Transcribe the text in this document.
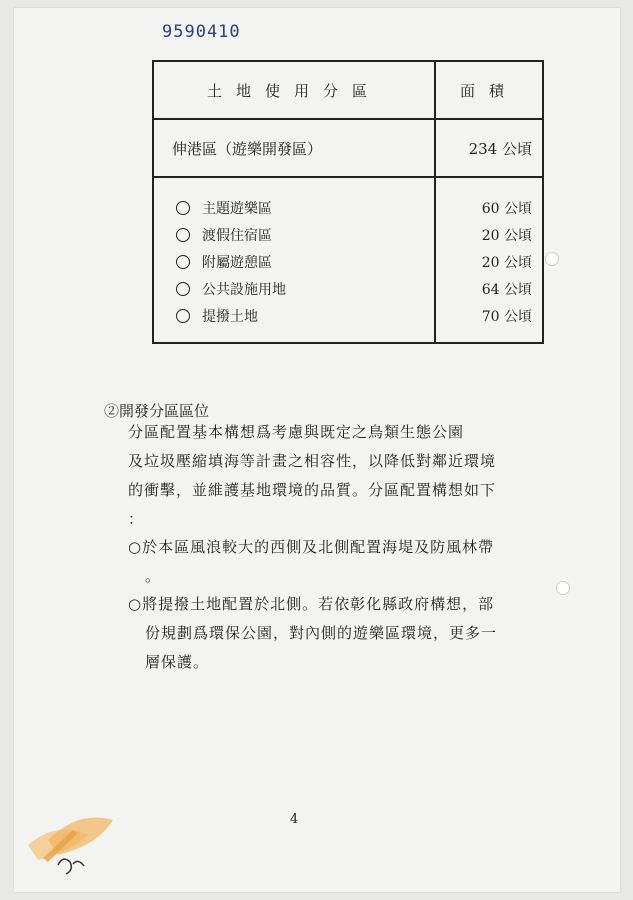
9590410
土地使用分區	面積
伸港區（遊樂開發區）	234 公頃
主題遊樂區	60 公頃
渡假住宿區	20 公頃
附屬遊憩區	20 公頃
公共設施用地	64 公頃
提撥土地	70 公頃
②開發分區區位
分區配置基本構想爲考慮與既定之鳥類生態公園
及垃圾壓縮填海等計畫之相容性，以降低對鄰近環境
的衝擊，並維護基地環境的品質。分區配置構想如下
：
○於本區風浪較大的西側及北側配置海堤及防風林帶
。
○將提撥土地配置於北側。若依彰化縣政府構想，部
份規劃爲環保公園，對內側的遊樂區環境，更多一
層保護。
4
